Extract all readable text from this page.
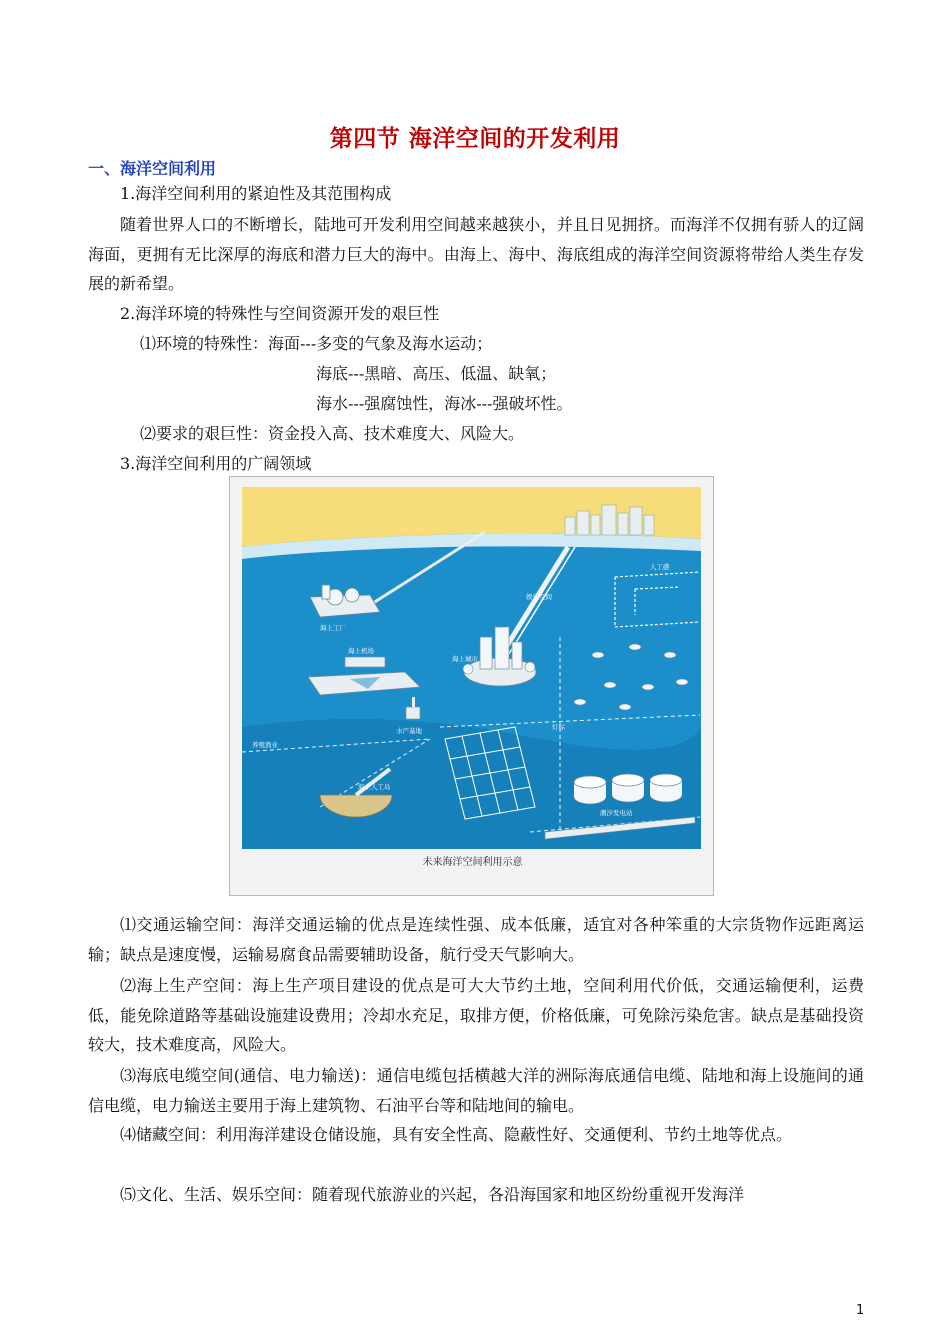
第四节 海洋空间的开发利用
一、海洋空间利用

1.海洋空间利用的紧迫性及其范围构成

随着世界人口的不断增长，陆地可开发利用空间越来越狭小，并且日见拥挤。而海洋不仅拥有骄人的辽阔海面，更拥有无比深厚的海底和潜力巨大的海中。由海上、海中、海底组成的海洋空间资源将带给人类生存发展的新希望。

2.海洋环境的特殊性与空间资源开发的艰巨性

⑴环境的特殊性：海面---多变的气象及海水运动；

海底---黑暗、高压、低温、缺氧；

海水---强腐蚀性，海冰---强破坏性。

⑵要求的艰巨性：资金投入高、技术难度大、风险大。

3.海洋空间利用的广阔领域

海上工厂
海上机场
海上城市
娱乐空间
人工礁
灯标
养殖渔业
水产基地
海上人工岛
潮汐发电站
未来海洋空间利用示意

⑴交通运输空间：海洋交通运输的优点是连续性强、成本低廉，适宜对各种笨重的大宗货物作远距离运输；缺点是速度慢，运输易腐食品需要辅助设备，航行受天气影响大。

⑵海上生产空间：海上生产项目建设的优点是可大大节约土地，空间利用代价低，交通运输便利，运费低，能免除道路等基础设施建设费用；冷却水充足，取排方便，价格低廉，可免除污染危害。缺点是基础投资较大，技术难度高，风险大。

⑶海底电缆空间(通信、电力输送)：通信电缆包括横越大洋的洲际海底通信电缆、陆地和海上设施间的通信电缆，电力输送主要用于海上建筑物、石油平台等和陆地间的输电。

⑷储藏空间：利用海洋建设仓储设施，具有安全性高、隐蔽性好、交通便利、节约土地等优点。

⑸文化、生活、娱乐空间：随着现代旅游业的兴起，各沿海国家和地区纷纷重视开发海洋

1
